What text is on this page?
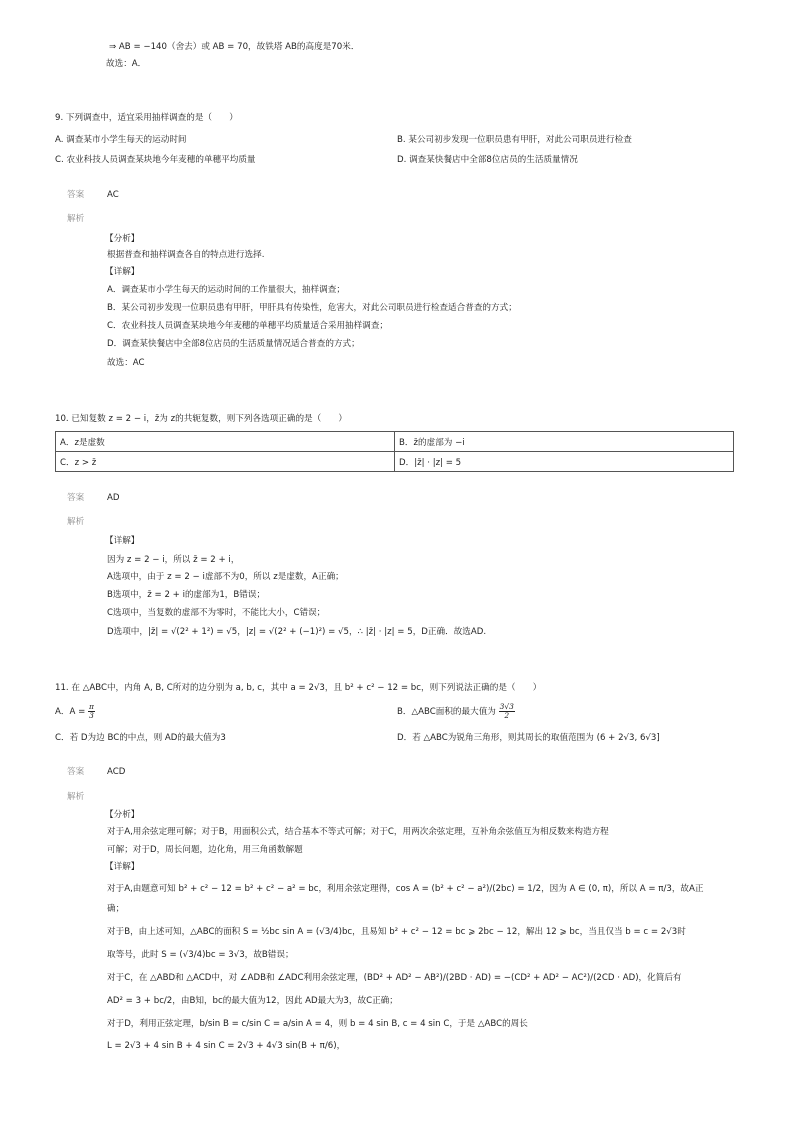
⇒ AB = −140（舍去）或 AB = 70，故铁塔 AB的高度是70米．
故选：A．
9. 下列调查中，适宜采用抽样调查的是（　　）
A. 调查某市小学生每天的运动时间	B. 某公司初步发现一位职员患有甲肝，对此公司职员进行检查
C. 农业科技人员调查某块地今年麦穗的单穗平均质量	D. 调查某快餐店中全部8位店员的生活质量情况
答案	AC
解析
【分析】
根据普查和抽样调查各自的特点进行选择.
【详解】
A．调查某市小学生每天的运动时间的工作量很大，抽样调查；
B．某公司初步发现一位职员患有甲肝，甲肝具有传染性，危害大，对此公司职员进行检查适合普查的方式；
C．农业科技人员调查某块地今年麦穗的单穗平均质量适合采用抽样调查；
D．调查某快餐店中全部8位店员的生活质量情况适合普查的方式；
故选：AC
10. 已知复数 z = 2 − i，z̄为 z的共轭复数，则下列各选项正确的是（　　）
A．z是虚数	B．z̄的虚部为 −i
C．z > z̄	D．|z̄| · |z| = 5
答案	AD
解析
【详解】
因为 z = 2 − i，所以 z̄ = 2 + i，
A选项中，由于 z = 2 − i虚部不为0，所以 z是虚数，A正确；
B选项中，z̄ = 2 + i的虚部为1，B错误；
C选项中，当复数的虚部不为零时，不能比大小，C错误；
D选项中，|z̄| = √(2² + 1²) = √5，|z| = √(2² + (−1)²) = √5，∴ |z̄| · |z| = 5，D正确．故选AD.
11. 在 △ABC中，内角 A, B, C所对的边分别为 a, b, c，其中 a = 2√3，且 b² + c² − 12 = bc，则下列说法正确的是（　　）
A．$A = \frac{\pi}{3}$	B．△ABC面积的最大值为 $\frac{3√3}{2}$
C．若 D为边 BC的中点，则 AD的最大值为3	D．若 △ABC为锐角三角形，则其周长的取值范围为 (6 + 2√3, 6√3]
答案	ACD
解析
【分析】
对于A,用余弦定理可解；对于B，用面积公式，结合基本不等式可解；对于C，用两次余弦定理，互补角余弦值互为相反数来构造方程
可解；对于D，周长问题，边化角，用三角函数解题
【详解】
对于A,由题意可知 b² + c² − 12 = b² + c² − a² = bc，利用余弦定理得，cos A = (b² + c² − a²)/(2bc) = 1/2，因为 A ∈ (0, π)，所以 A = π/3，故A正
确；
对于B，由上述可知，△ABC的面积 S = ½bc sin A = (√3/4)bc，且易知 b² + c² − 12 = bc ⩾ 2bc − 12，解出 12 ⩾ bc，当且仅当 b = c = 2√3时
取等号，此时 S = (√3/4)bc = 3√3，故B错误；
对于C，在 △ABD和 △ACD中，对 ∠ADB和 ∠ADC利用余弦定理，(BD² + AD² − AB²)/(2BD · AD) = −(CD² + AD² − AC²)/(2CD · AD)，化简后有
AD² = 3 + bc/2，由B知，bc的最大值为12，因此 AD最大为3，故C正确；
对于D，利用正弦定理，b/sin B = c/sin C = a/sin A = 4，则 b = 4 sin B, c = 4 sin C，于是 △ABC的周长
L = 2√3 + 4 sin B + 4 sin C = 2√3 + 4√3 sin(B + π/6)，
